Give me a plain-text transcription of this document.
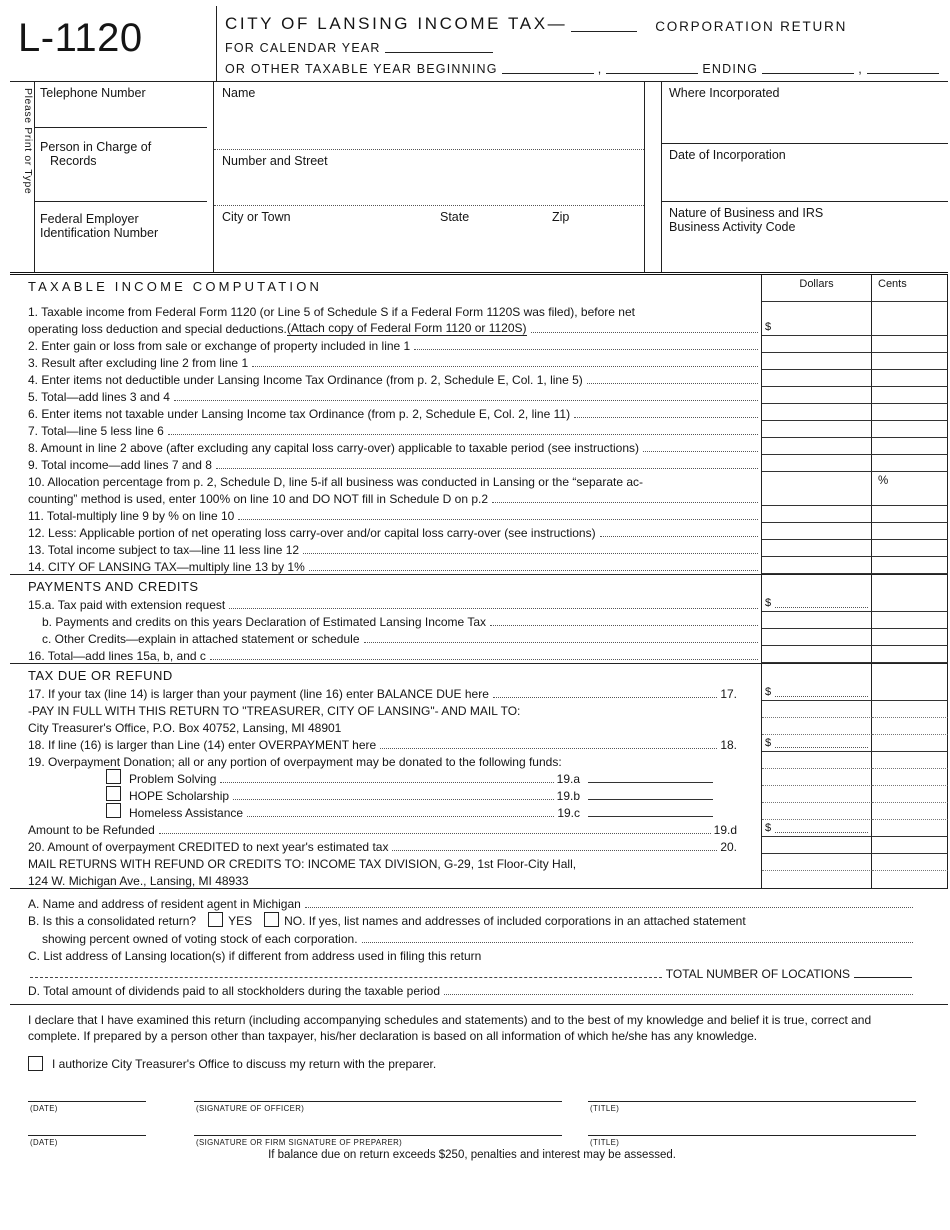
L-1120	CITY OF LANSING INCOME TAX—	CORPORATION RETURN
FOR CALENDAR YEAR
OR OTHER TAXABLE YEAR BEGINNING	,	ENDING	,
Please Print or Type Telephone Number
Person in Charge of
Records
Federal Employer
Identification Number
Name
Number and Street
City or Town	State	Zip
Where Incorporated
Date of Incorporation
Nature of Business and IRS
Business Activity Code
TAXABLE INCOME COMPUTATION	Dollars	Cents
1. Taxable income from Federal Form 1120 (or Line 5 of Schedule S if a Federal Form 1120S was filed), before net
operating loss deduction and special deductions. (Attach copy of Federal Form 1120 or 1120S)	$
2. Enter gain or loss from sale or exchange of property included in line 1
3. Result after excluding line 2 from line 1
4. Enter items not deductible under Lansing Income Tax Ordinance (from p. 2, Schedule E, Col. 1, line 5)
5. Total—add lines 3 and 4
6. Enter items not taxable under Lansing Income tax Ordinance (from p. 2, Schedule E, Col. 2, line 11)
7. Total—line 5 less line 6
8. Amount in line 2 above (after excluding any capital loss carry-over) applicable to taxable period (see instructions)
9. Total income—add lines 7 and 8
10. Allocation percentage from p. 2, Schedule D, line 5-if all business was conducted in Lansing or the “separate ac-	%
counting” method is used, enter 100% on line 10 and DO NOT fill in Schedule D on p.2
11. Total-multiply line 9 by % on line 10
12. Less: Applicable portion of net operating loss carry-over and/or capital loss carry-over (see instructions)
13. Total income subject to tax—line 11 less line 12
14. CITY OF LANSING TAX—multiply line 13 by 1%
PAYMENTS AND CREDITS
15.a. Tax paid with extension request	$
b. Payments and credits on this years Declaration of Estimated Lansing Income Tax
c. Other Credits—explain in attached statement or schedule
16. Total—add lines 15a, b, and c
TAX DUE OR REFUND
17. If your tax (line 14) is larger than your payment (line 16) enter BALANCE DUE here	17.	$
-PAY IN FULL WITH THIS RETURN TO "TREASURER, CITY OF LANSING"- AND MAIL TO:
City Treasurer's Office, P.O. Box 40752, Lansing, MI 48901
18. If line (16) is larger than Line (14) enter OVERPAYMENT here	18.	$
19. Overpayment Donation; all or any portion of overpayment may be donated to the following funds:
Problem Solving	19.a
HOPE Scholarship	19.b
Homeless Assistance	19.c
Amount to be Refunded	19.d	$
20. Amount of overpayment CREDITED to next year's estimated tax	20.
MAIL RETURNS WITH REFUND OR CREDITS TO: INCOME TAX DIVISION, G-29, 1st Floor-City Hall,
124 W. Michigan Ave., Lansing, MI 48933
A. Name and address of resident agent in Michigan
B. Is this a consolidated return?	YES	NO. If yes, list names and addresses of included corporations in an attached statement
showing percent owned of voting stock of each corporation.
C. List address of Lansing location(s) if different from address used in filing this return
TOTAL NUMBER OF LOCATIONS
D. Total amount of dividends paid to all stockholders during the taxable period

I declare that I have examined this return (including accompanying schedules and statements) and to the best of my knowledge and belief it is true, correct and complete. If prepared by a person other than taxpayer, his/her declaration is based on all information of which he/she has any knowledge.

I authorize City Treasurer's Office to discuss my return with the preparer.
(DATE)	(SIGNATURE OF OFFICER)	(TITLE)
(DATE)	(SIGNATURE OR FIRM SIGNATURE OF PREPARER)	(TITLE)
If balance due on return exceeds $250, penalties and interest may be assessed.
